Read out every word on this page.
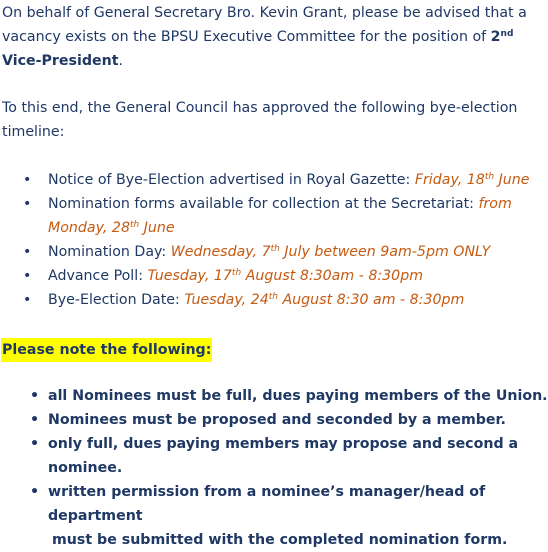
On behalf of General Secretary Bro. Kevin Grant, please be advised that a vacancy exists on the BPSU Executive Committee for the position of 2nd Vice-President.

To this end, the General Council has approved the following bye-election timeline:

• Notice of Bye-Election advertised in Royal Gazette: Friday, 18th June
• Nomination forms available for collection at the Secretariat: from Monday, 28th June
• Nomination Day: Wednesday, 7th July between 9am-5pm ONLY
• Advance Poll: Tuesday, 17th August 8:30am - 8:30pm
• Bye-Election Date: Tuesday, 24th August 8:30 am - 8:30pm

Please note the following:

• all Nominees must be full, dues paying members of the Union.
• Nominees must be proposed and seconded by a member.
• only full, dues paying members may propose and second a nominee.
• written permission from a nominee’s manager/head of department
must be submitted with the completed nomination form.
